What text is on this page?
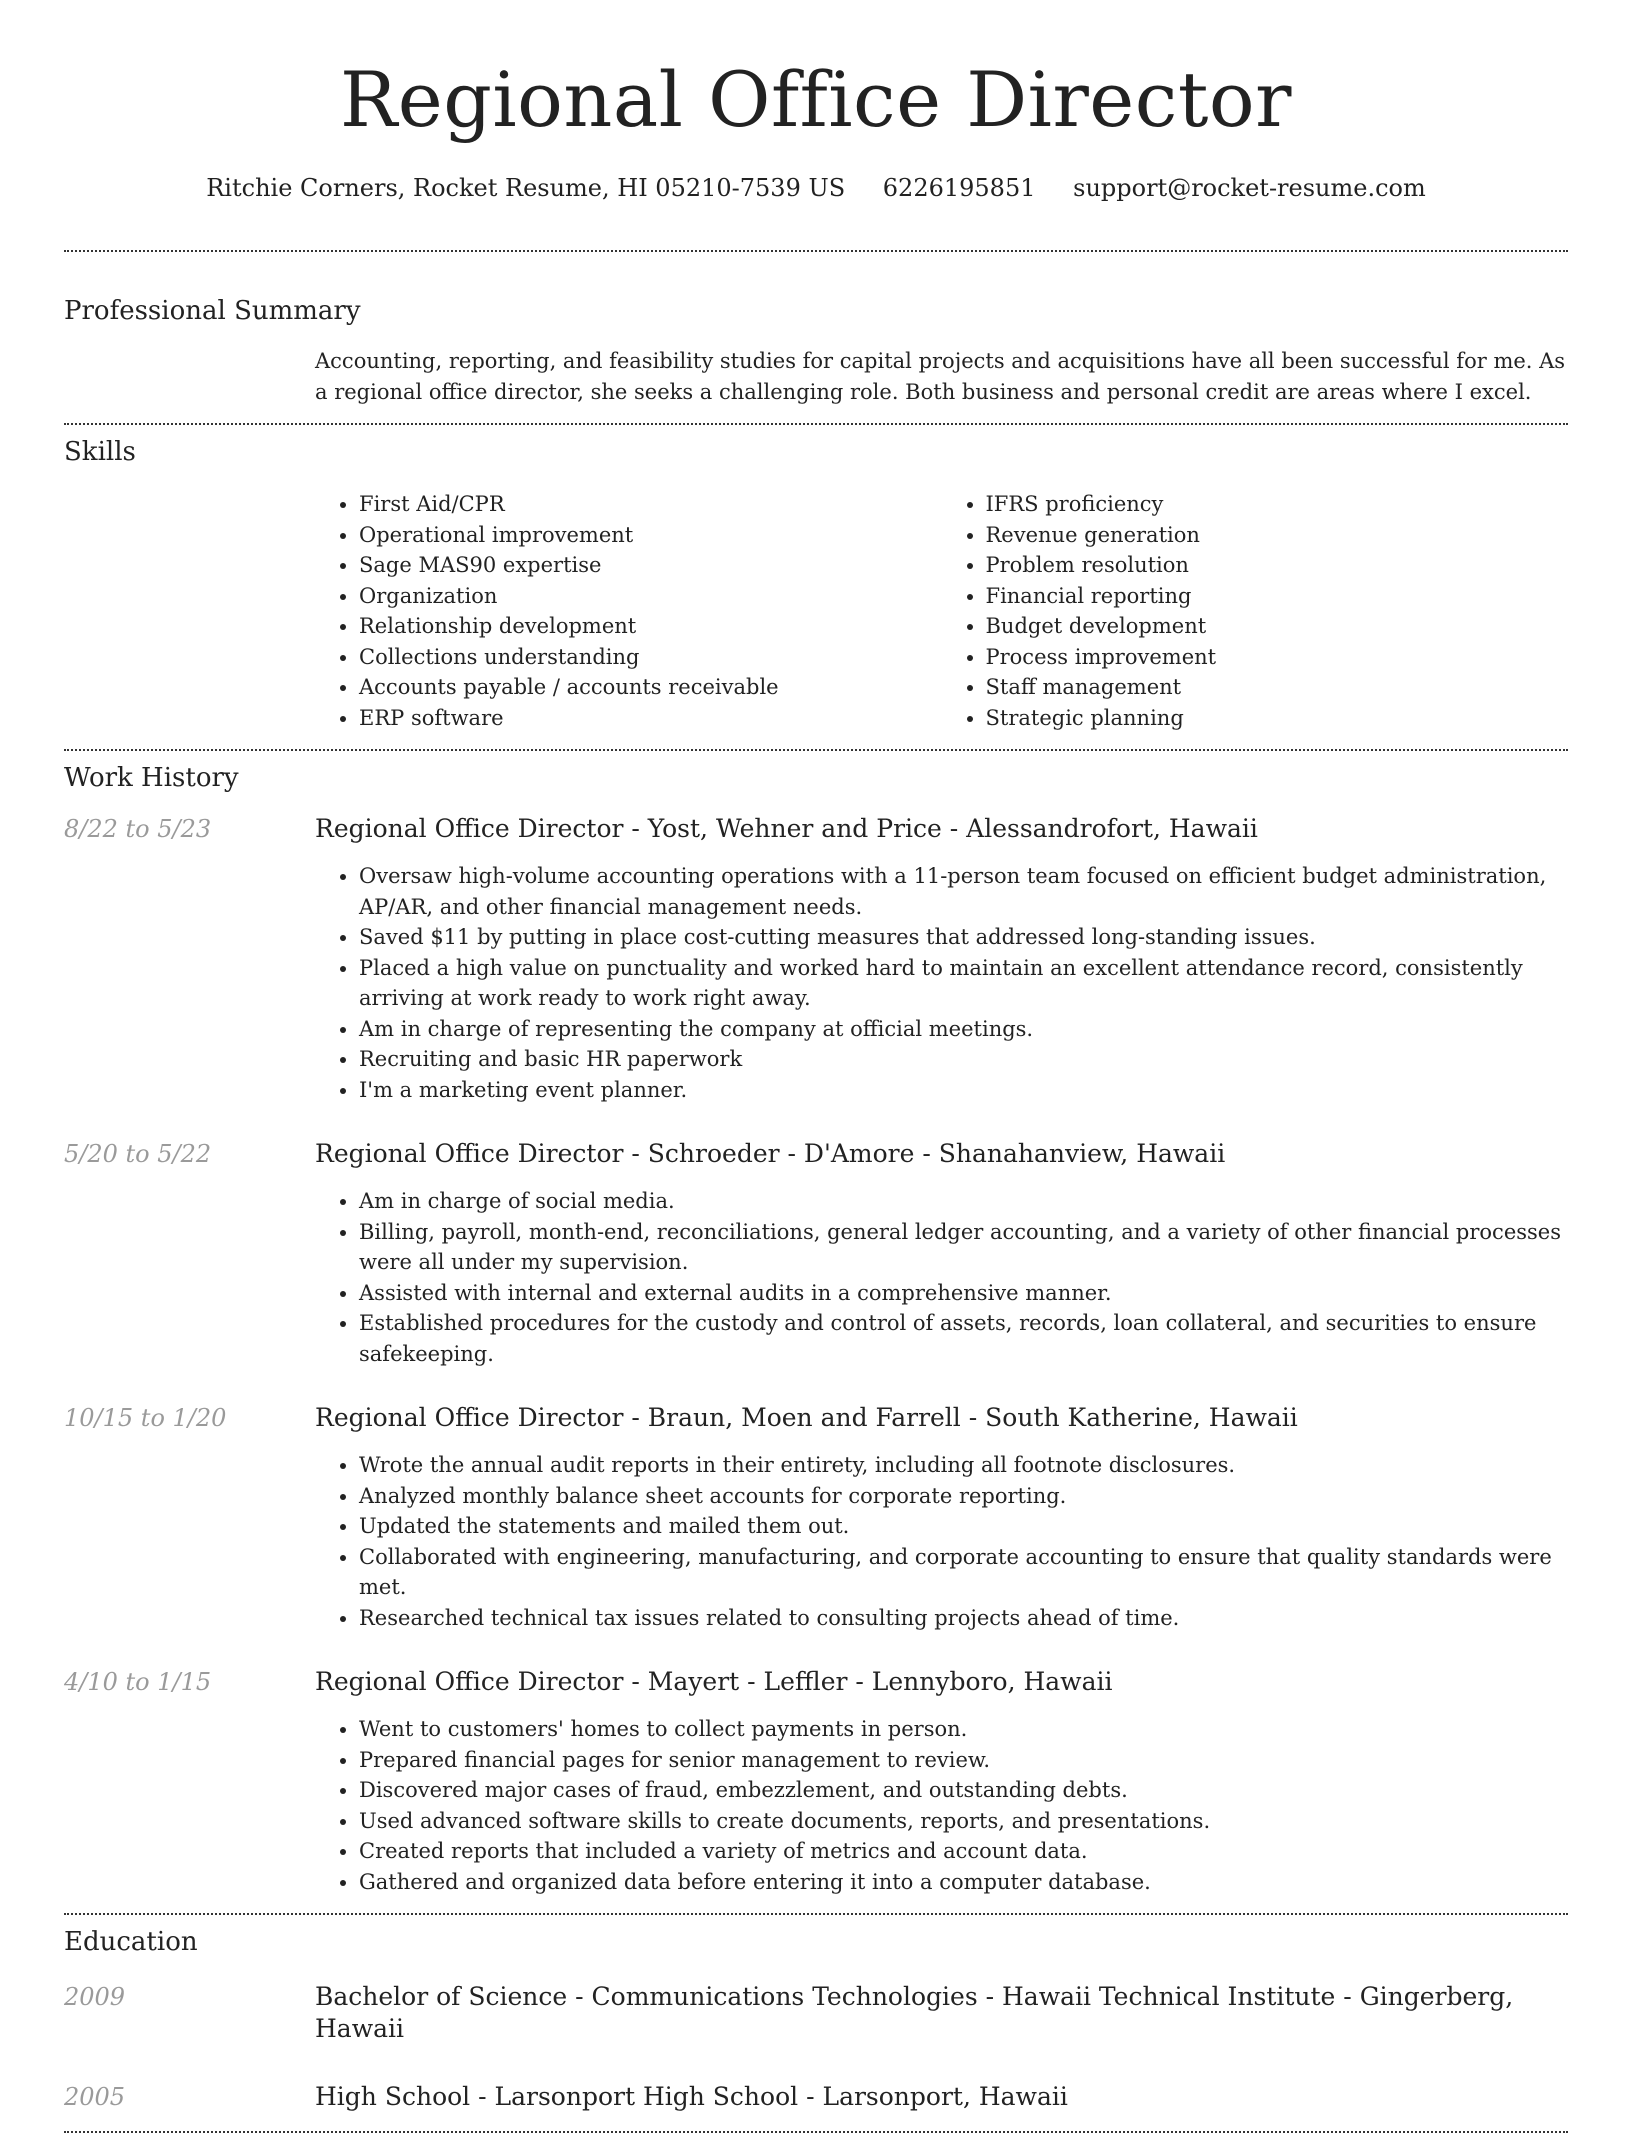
Regional Office Director
Ritchie Corners, Rocket Resume, HI 05210-7539 US 6226195851 support@rocket-resume.com
Professional Summary

Accounting, reporting, and feasibility studies for capital projects and acquisitions have all been successful for me. As a regional office director, she seeks a challenging role. Both business and personal credit are areas where I excel.

Skills
• First Aid/CPR
• Operational improvement
• Sage MAS90 expertise
• Organization
• Relationship development
• Collections understanding
• Accounts payable / accounts receivable
• ERP software
• IFRS proficiency
• Revenue generation
• Problem resolution
• Financial reporting
• Budget development
• Process improvement
• Staff management
• Strategic planning
Work History
8/22 to 5/23	Regional Office Director - Yost, Wehner and Price - Alessandrofort, Hawaii
• Oversaw high-volume accounting operations with a 11-person team focused on efficient budget administration, AP/AR, and other financial management needs.
• Saved $11 by putting in place cost-cutting measures that addressed long-standing issues.
• Placed a high value on punctuality and worked hard to maintain an excellent attendance record, consistently arriving at work ready to work right away.
• Am in charge of representing the company at official meetings.
• Recruiting and basic HR paperwork
• I'm a marketing event planner.
5/20 to 5/22	Regional Office Director - Schroeder - D'Amore - Shanahanview, Hawaii
• Am in charge of social media.
• Billing, payroll, month-end, reconciliations, general ledger accounting, and a variety of other financial processes were all under my supervision.
• Assisted with internal and external audits in a comprehensive manner.
• Established procedures for the custody and control of assets, records, loan collateral, and securities to ensure safekeeping.
10/15 to 1/20	Regional Office Director - Braun, Moen and Farrell - South Katherine, Hawaii
• Wrote the annual audit reports in their entirety, including all footnote disclosures.
• Analyzed monthly balance sheet accounts for corporate reporting.
• Updated the statements and mailed them out.
• Collaborated with engineering, manufacturing, and corporate accounting to ensure that quality standards were met.
• Researched technical tax issues related to consulting projects ahead of time.
4/10 to 1/15	Regional Office Director - Mayert - Leffler - Lennyboro, Hawaii
• Went to customers' homes to collect payments in person.
• Prepared financial pages for senior management to review.
• Discovered major cases of fraud, embezzlement, and outstanding debts.
• Used advanced software skills to create documents, reports, and presentations.
• Created reports that included a variety of metrics and account data.
• Gathered and organized data before entering it into a computer database.
Education
2009	Bachelor of Science - Communications Technologies - Hawaii Technical Institute - Gingerberg, Hawaii
2005	High School - Larsonport High School - Larsonport, Hawaii
